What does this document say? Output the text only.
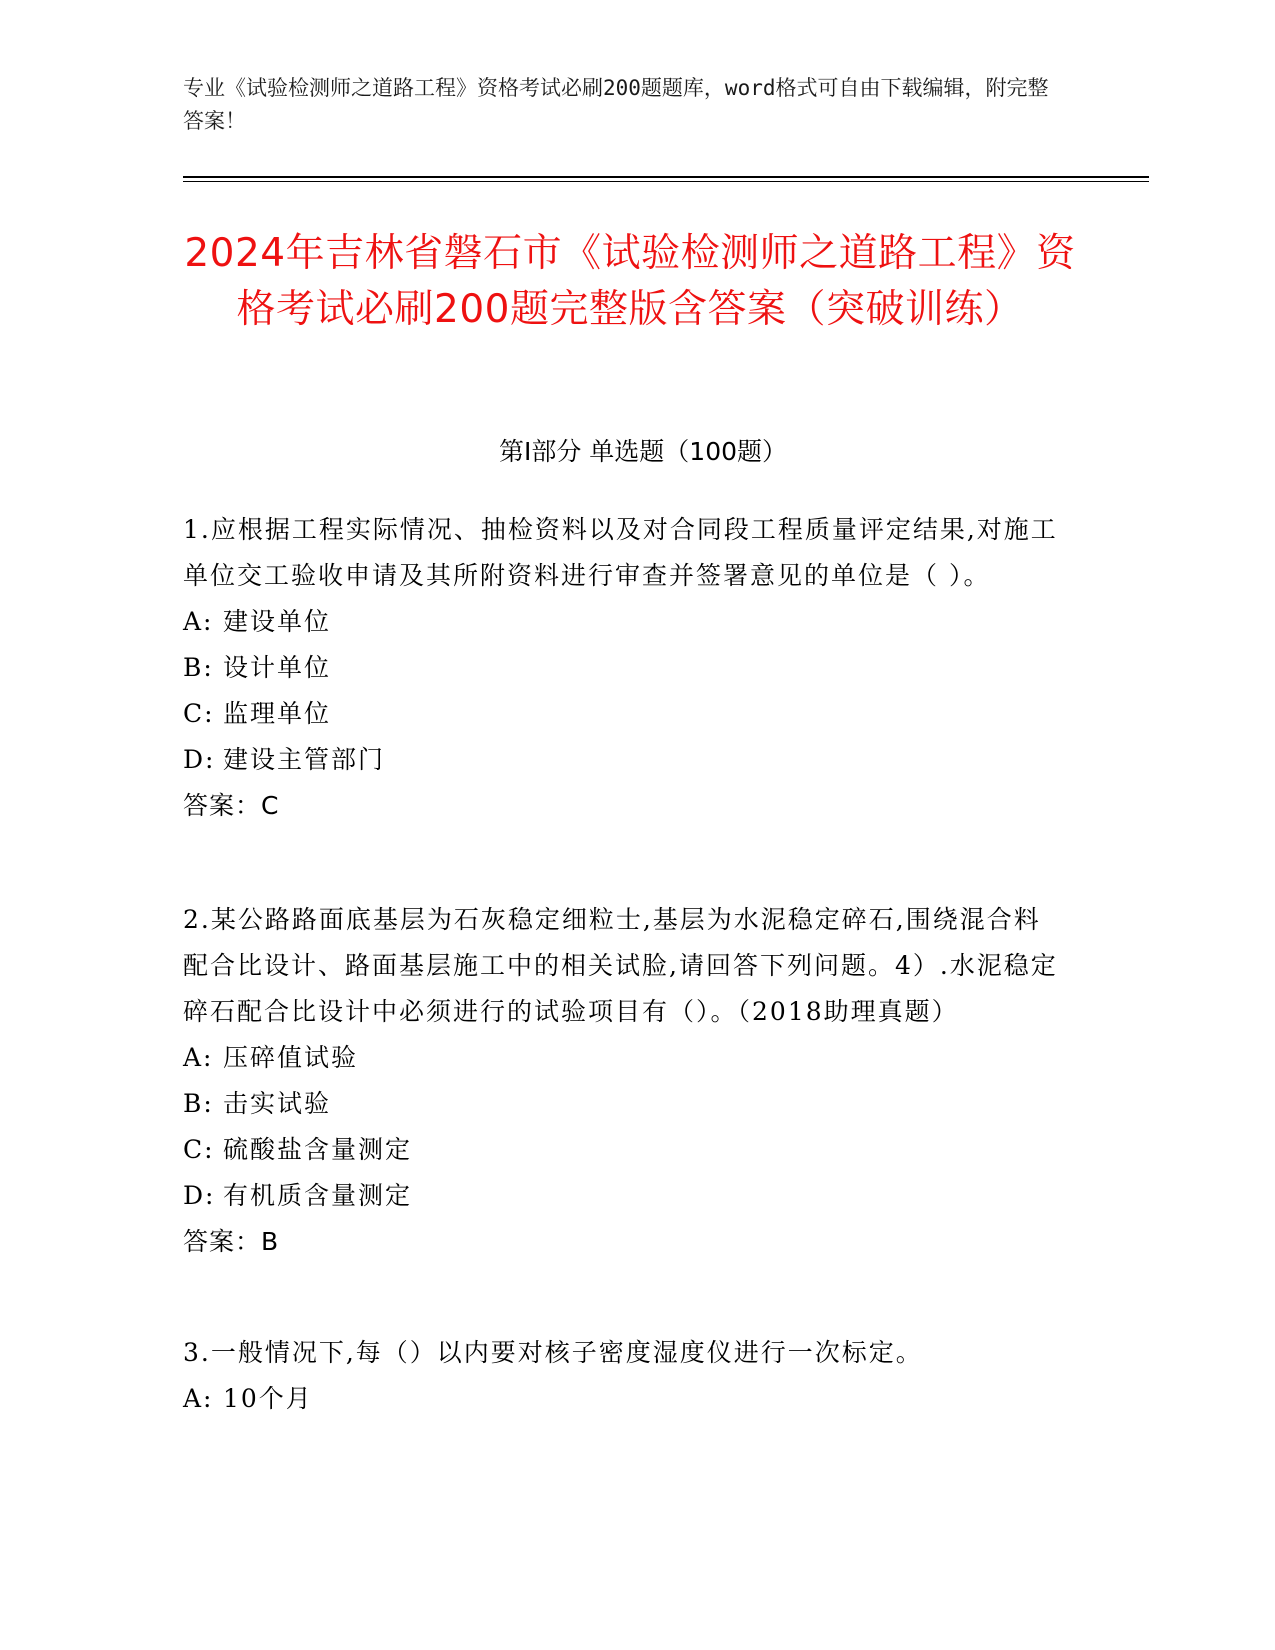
专业《试验检测师之道路工程》资格考试必刷200题题库，word格式可自由下载编辑，附完整答案！
2024年吉林省磐石市《试验检测师之道路工程》资格考试必刷200题完整版含答案（突破训练）
第Ⅰ部分 单选题（100题）

1.应根据工程实际情况、抽检资料以及对合同段工程质量评定结果,对施工单位交工验收申请及其所附资料进行审查并签署意见的单位是（ ）。

A: 建设单位

B: 设计单位

C: 监理单位

D: 建设主管部门

答案：C

2.某公路路面底基层为石灰稳定细粒士,基层为水泥稳定碎石,围绕混合料配合比设计、路面基层施工中的相关试脸,请回答下列问题。4）.水泥稳定碎石配合比设计中必须进行的试验项目有（）。（2018助理真题）

A: 压碎值试验

B: 击实试验

C: 硫酸盐含量测定

D: 有机质含量测定

答案：B

3.一般情况下,每（）以内要对核子密度湿度仪进行一次标定。

A: 10个月
